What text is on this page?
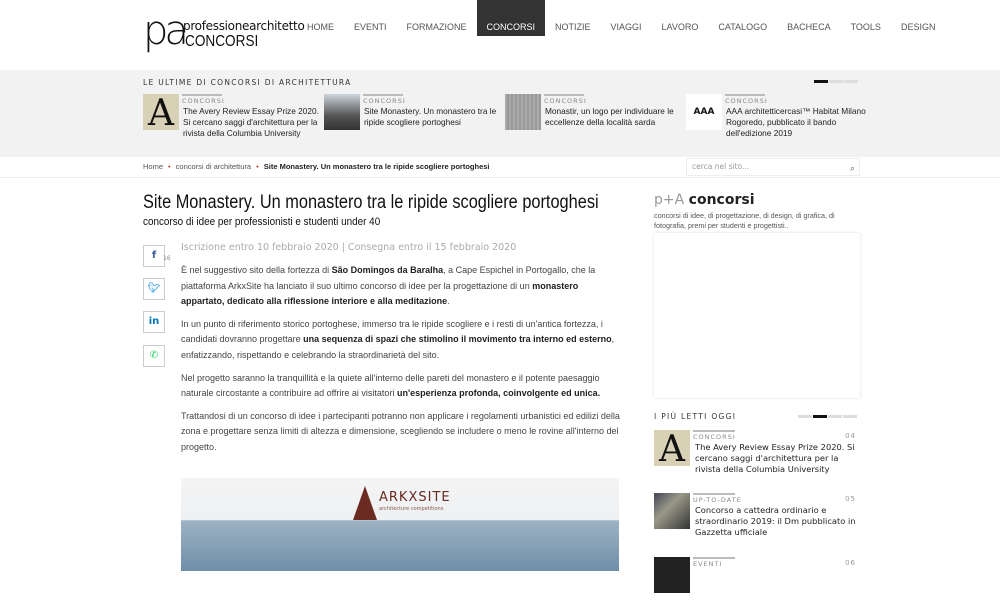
pa
professionearchitetto
CONCORSI
HOME	EVENTI	FORMAZIONE	CONCORSI	NOTIZIE	VIAGGI	LAVORO	CATALOGO	BACHECA	TOOLS	DESIGN
LE ULTIME DI CONCORSI DI ARCHITETTURA
Home • concorsi di architettura • Site Monastery. Un monastero tra le ripide scogliere portoghesi	cerca nel sito...	⌕
Site Monastery. Un monastero tra le ripide scogliere portoghesi
concorso di idee per professionisti e studenti under 40
f 16
🐦︎
in
✆
Iscrizione entro 10 febbraio 2020 | Consegna entro il 15 febbraio 2020

È nel suggestivo sito della fortezza di São Domingos da Baralha, a Cape Espichel in Portogallo, che la piattaforma ArkxSite ha lanciato il suo ultimo concorso di idee per la progettazione di un monastero appartato, dedicato alla riflessione interiore e alla meditazione.

In un punto di riferimento storico portoghese, immerso tra le ripide scogliere e i resti di un'antica fortezza, i candidati dovranno progettare una sequenza di spazi che stimolino il movimento tra interno ed esterno, enfatizzando, rispettando e celebrando la straordinarietà del sito.

Nel progetto saranno la tranquillità e la quiete all'interno delle pareti del monastero e il potente paesaggio naturale circostante a contribuire ad offrire ai visitatori un'esperienza profonda, coinvolgente ed unica.

Trattandosi di un concorso di idee i partecipanti potranno non applicare i regolamenti urbanistici ed edilizi della zona e progettare senza limiti di altezza e dimensione, scegliendo se includere o meno le rovine all'interno del progetto.

ARKXSITE
architecture competitions
p+A concorsi
concorsi di idee, di progettazione, di design, di grafica, di fotografia, premi per studenti e progettisti..
I PIÙ LETTI OGGI
A	CONCORSI
The Avery Review Essay Prize 2020. Si cercano saggi d'architettura per la rivista della Columbia University
CONCORSI
Site Monastery. Un monastero tra le ripide scogliere portoghesi
CONCORSI
Monastir, un logo per individuare le eccellenze della località sarda
AAA
CONCORSI
AAA architetticercasi™ Habitat Milano Rogoredo, pubblicato il bando dell'edizione 2019
A	CONCORSI	04
The Avery Review Essay Prize 2020. Si cercano saggi d'architettura per la rivista della Columbia University
UP-TO-DATE	05
Concorso a cattedra ordinario e straordinario 2019: il Dm pubblicato in Gazzetta ufficiale
EVENTI	06
